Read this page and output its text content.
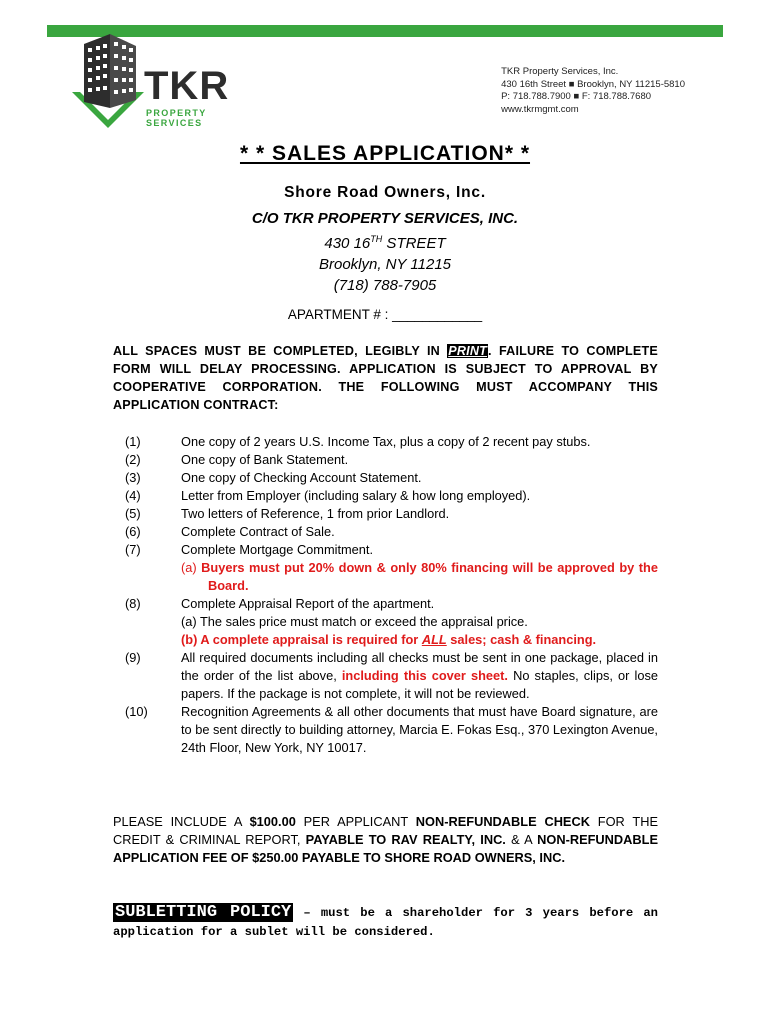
TKR
PROPERTY SERVICES
TKR Property Services, Inc.
430 16th Street ■ Brooklyn, NY 11215-5810
P: 718.788.7900 ■ F: 718.788.7680
www.tkrmgmt.com
* * SALES APPLICATION* *
Shore Road Owners, Inc.
C/O TKR PROPERTY SERVICES, INC.
430 16TH STREET
Brooklyn, NY 11215
(718) 788-7905
APARTMENT # : ____________
ALL SPACES MUST BE COMPLETED, LEGIBLY IN PRINT. FAILURE TO COMPLETE FORM WILL DELAY PROCESSING. APPLICATION IS SUBJECT TO APPROVAL BY COOPERATIVE CORPORATION. THE FOLLOWING MUST ACCOMPANY THIS APPLICATION CONTRACT:
(1)	One copy of 2 years U.S. Income Tax, plus a copy of 2 recent pay stubs.
(2)	One copy of Bank Statement.
(3)	One copy of Checking Account Statement.
(4)	Letter from Employer (including salary & how long employed).
(5)	Two letters of Reference, 1 from prior Landlord.
(6)	Complete Contract of Sale.
(7)	Complete Mortgage Commitment.
(a) Buyers must put 20% down & only 80% financing will be approved by the Board.
(8)	Complete Appraisal Report of the apartment.
(a) The sales price must match or exceed the appraisal price.
(b) A complete appraisal is required for ALL sales; cash & financing.
(9)	All required documents including all checks must be sent in one package, placed in the order of the list above, including this cover sheet. No staples, clips, or lose papers. If the package is not complete, it will not be reviewed.
(10)	Recognition Agreements & all other documents that must have Board signature, are to be sent directly to building attorney, Marcia E. Fokas Esq., 370 Lexington Avenue, 24th Floor, New York, NY 10017.
PLEASE INCLUDE A $100.00 PER APPLICANT NON-REFUNDABLE CHECK FOR THE CREDIT & CRIMINAL REPORT, PAYABLE TO RAV REALTY, INC. & A NON-REFUNDABLE APPLICATION FEE OF $250.00 PAYABLE TO SHORE ROAD OWNERS, INC.
SUBLETTING POLICY – must be a shareholder for 3 years before an application for a sublet will be considered.
